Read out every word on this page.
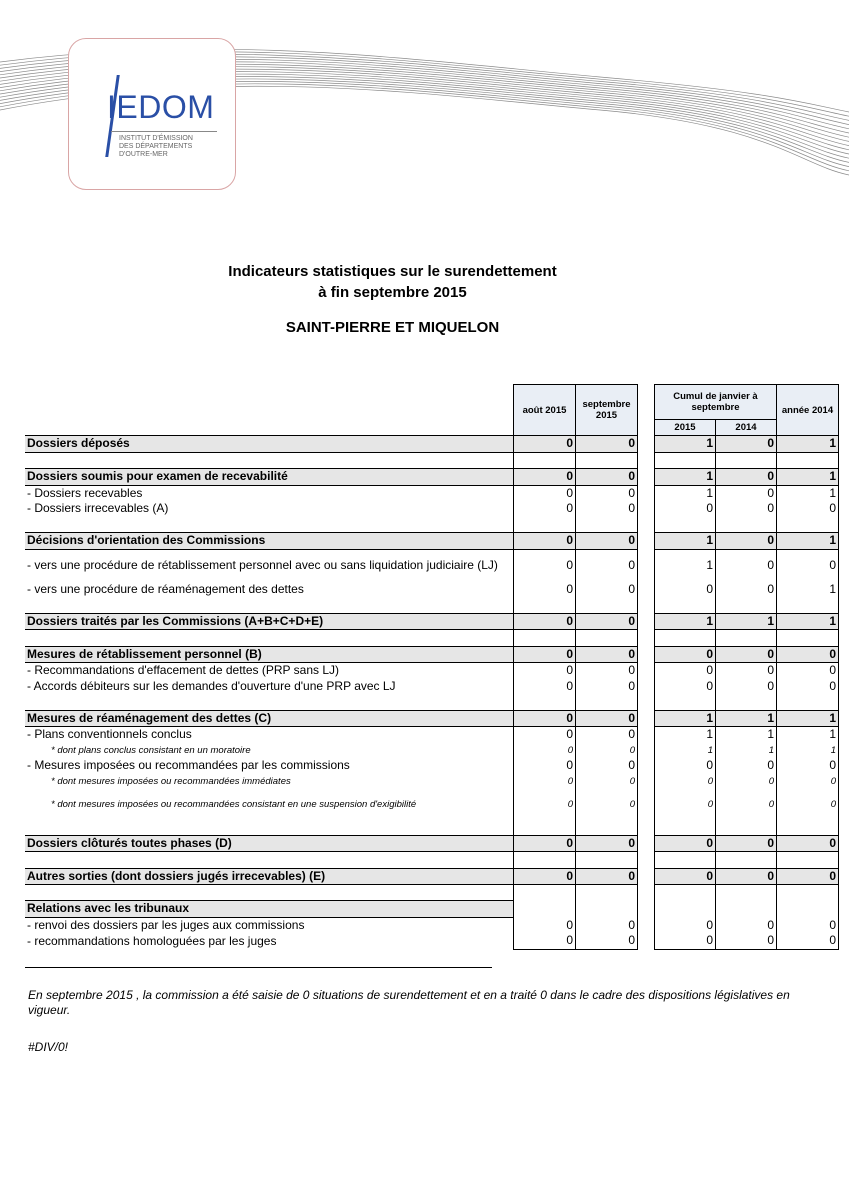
IEDOM
INSTITUT D'ÉMISSION
DES DÉPARTEMENTS
D'OUTRE-MER
Indicateurs statistiques sur le surendettement
à fin septembre 2015
SAINT-PIERRE ET MIQUELON
	août 2015	septembre 2015		Cumul de janvier à septembre		année 2014
				2015	2014	
Dossiers déposés	0	0		1	0	1

Dossiers soumis pour examen de recevabilité	0	0		1	0	1
- Dossiers recevables	0	0		1	0	1
- Dossiers irrecevables (A)	0	0		0	0	0

Décisions d'orientation des Commissions	0	0		1	0	1
- vers une procédure de rétablissement personnel avec ou sans liquidation judiciaire (LJ)	0	0		1	0	0
- vers une procédure de réaménagement des dettes	0	0		0	0	1

Dossiers traités par les Commissions (A+B+C+D+E)	0	0		1	1	1

Mesures de rétablissement personnel (B)	0	0		0	0	0
- Recommandations d'effacement de dettes (PRP sans LJ)	0	0		0	0	0
- Accords débiteurs sur les demandes d'ouverture d'une PRP avec LJ	0	0		0	0	0

Mesures de réaménagement des dettes (C)	0	0		1	1	1
- Plans conventionnels conclus	0	0		1	1	1
* dont plans conclus consistant en un moratoire	0	0		1	1	1
- Mesures imposées ou recommandées par les commissions	0	0		0	0	0
* dont mesures imposées ou recommandées immédiates	0	0		0	0	0
* dont mesures imposées ou recommandées consistant en une suspension d'exigibilité	0	0		0	0	0

Dossiers clôturés toutes phases (D)	0	0		0	0	0

Autres sorties (dont dossiers jugés irrecevables) (E)	0	0		0	0	0

Relations avec les tribunaux						
- renvoi des dossiers par les juges aux commissions	0	0		0	0	0
- recommandations homologuées par les juges	0	0		0	0	0
En septembre 2015 , la commission a été saisie de 0 situations de surendettement et en a traité 0 dans le cadre des dispositions législatives en vigueur.
#DIV/0!
